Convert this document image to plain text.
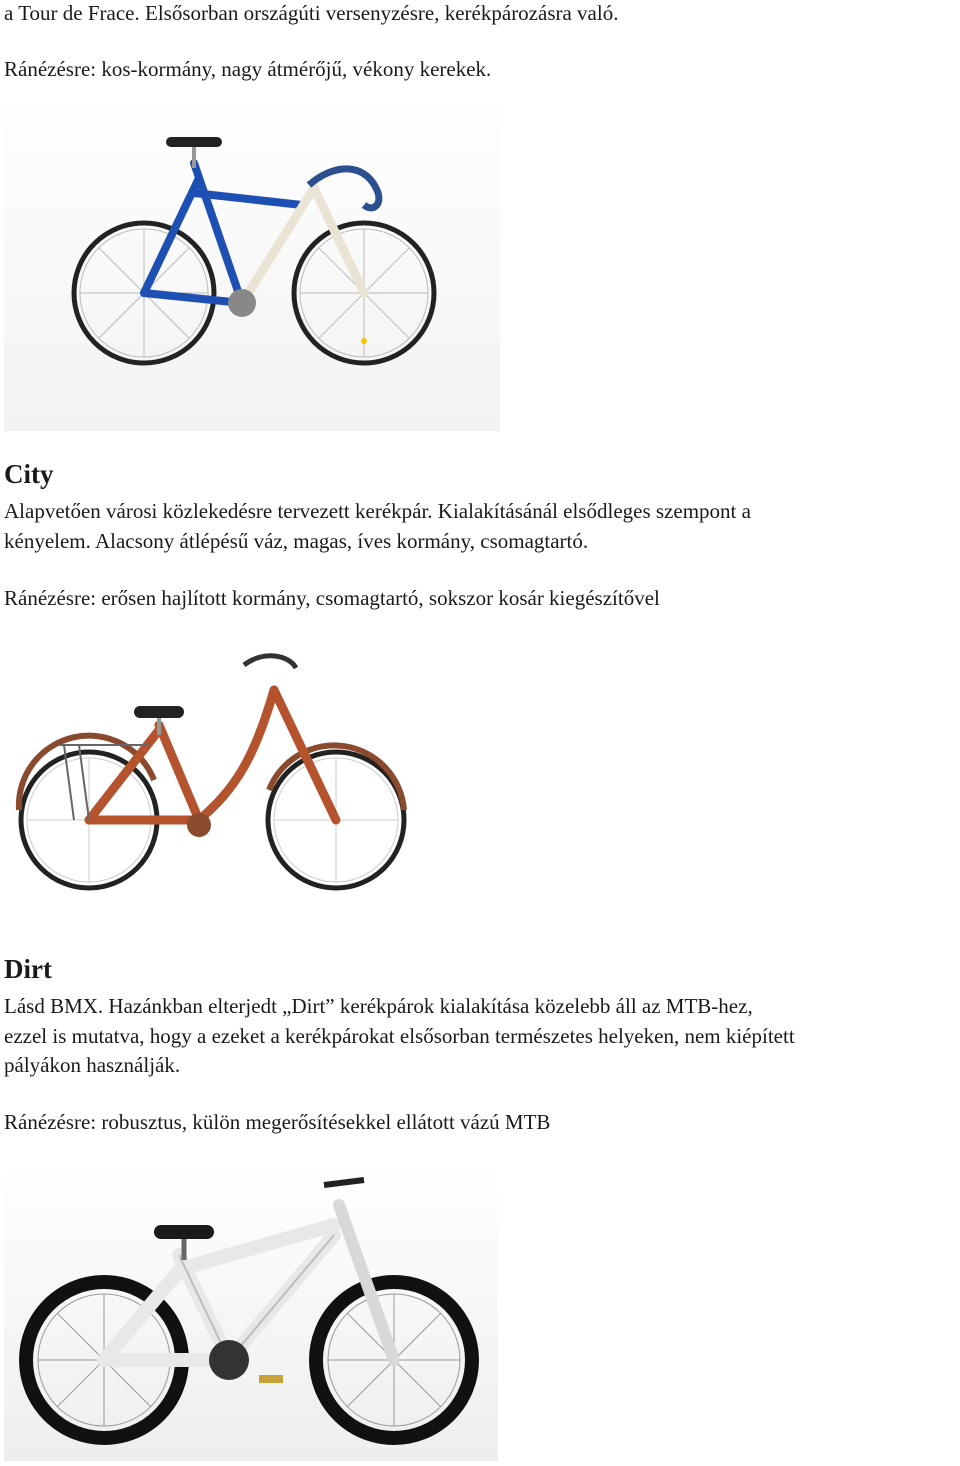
a Tour de Frace. Elsősorban országúti versenyzésre, kerékpározásra való.
Ránézésre: kos-kormány, nagy átmérőjű, vékony kerekek.
City
Alapvetően városi közlekedésre tervezett kerékpár. Kialakításánál elsődleges szempont a
kényelem. Alacsony átlépésű váz, magas, íves kormány, csomagtartó.
Ránézésre: erősen hajlított kormány, csomagtartó, sokszor kosár kiegészítővel
Dirt
Lásd BMX. Hazánkban elterjedt „Dirt” kerékpárok kialakítása közelebb áll az MTB-hez,
ezzel is mutatva, hogy a ezeket a kerékpárokat elsősorban természetes helyeken, nem kiépített
pályákon használják.
Ránézésre: robusztus, külön megerősítésekkel ellátott vázú MTB
